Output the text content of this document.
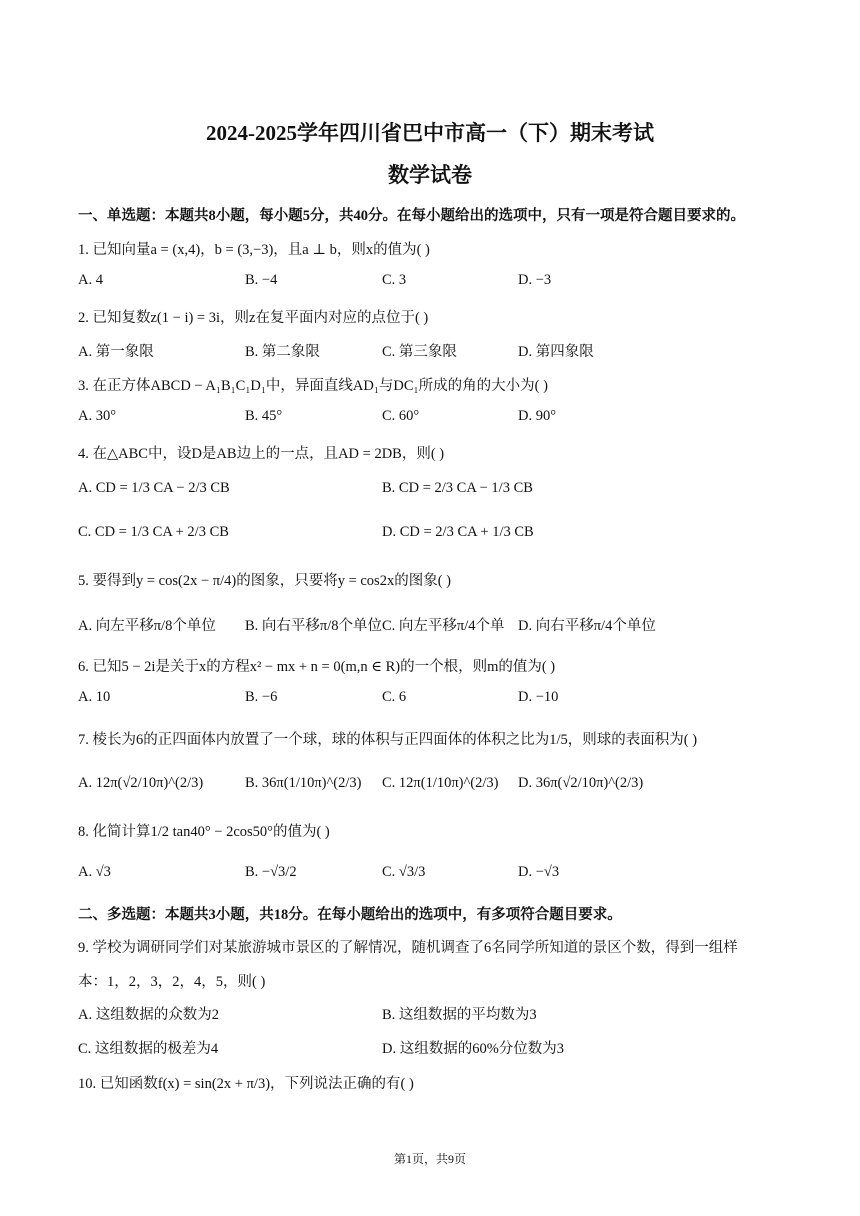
2024-2025学年四川省巴中市高一（下）期末考试
数学试卷
一、单选题：本题共8小题，每小题5分，共40分。在每小题给出的选项中，只有一项是符合题目要求的。
1. 已知向量a = (x,4)，b = (3,−3)，且a ⊥ b，则x的值为( )
A. 4	B. −4	C. 3	D. −3
2. 已知复数z(1 − i) = 3i，则z在复平面内对应的点位于( )
A. 第一象限	B. 第二象限	C. 第三象限	D. 第四象限
3. 在正方体ABCD − A₁B₁C₁D₁中，异面直线AD₁与DC₁所成的角的大小为( )
A. 30°	B. 45°	C. 60°	D. 90°
4. 在△ABC中，设D是AB边上的一点，且AD = 2DB，则( )
A. CD = 1/3 CA − 2/3 CB	B. CD = 2/3 CA − 1/3 CB
C. CD = 1/3 CA + 2/3 CB	D. CD = 2/3 CA + 1/3 CB
5. 要得到y = cos(2x − π/4)的图象，只要将y = cos2x的图象( )
A. 向左平移π/8个单位 B. 向右平移π/8个单位 C. 向左平移π/4个单 D. 向右平移π/4个单位
6. 已知5 − 2i是关于x的方程x² − mx + n = 0(m,n ∈ R)的一个根，则m的值为( )
A. 10	B. −6	C. 6	D. −10
7. 棱长为6的正四面体内放置了一个球，球的体积与正四面体的体积之比为1/5，则球的表面积为( )
A. 12π(√2/10π)^(2/3)	B. 36π(1/10π)^(2/3) C. 12π(1/10π)^(2/3) D. 36π(√2/10π)^(2/3)
8. 化简计算1/2 tan40° − 2cos50°的值为( )
A. √3	B. −√3/2	C. √3/3	D. −√3
二、多选题：本题共3小题，共18分。在每小题给出的选项中，有多项符合题目要求。
9. 学校为调研同学们对某旅游城市景区的了解情况，随机调查了6名同学所知道的景区个数，得到一组样
本：1，2，3，2，4，5，则( )
A. 这组数据的众数为2	B. 这组数据的平均数为3
C. 这组数据的极差为4	D. 这组数据的60%分位数为3
10. 已知函数f(x) = sin(2x + π/3)，下列说法正确的有( )
第1页，共9页
